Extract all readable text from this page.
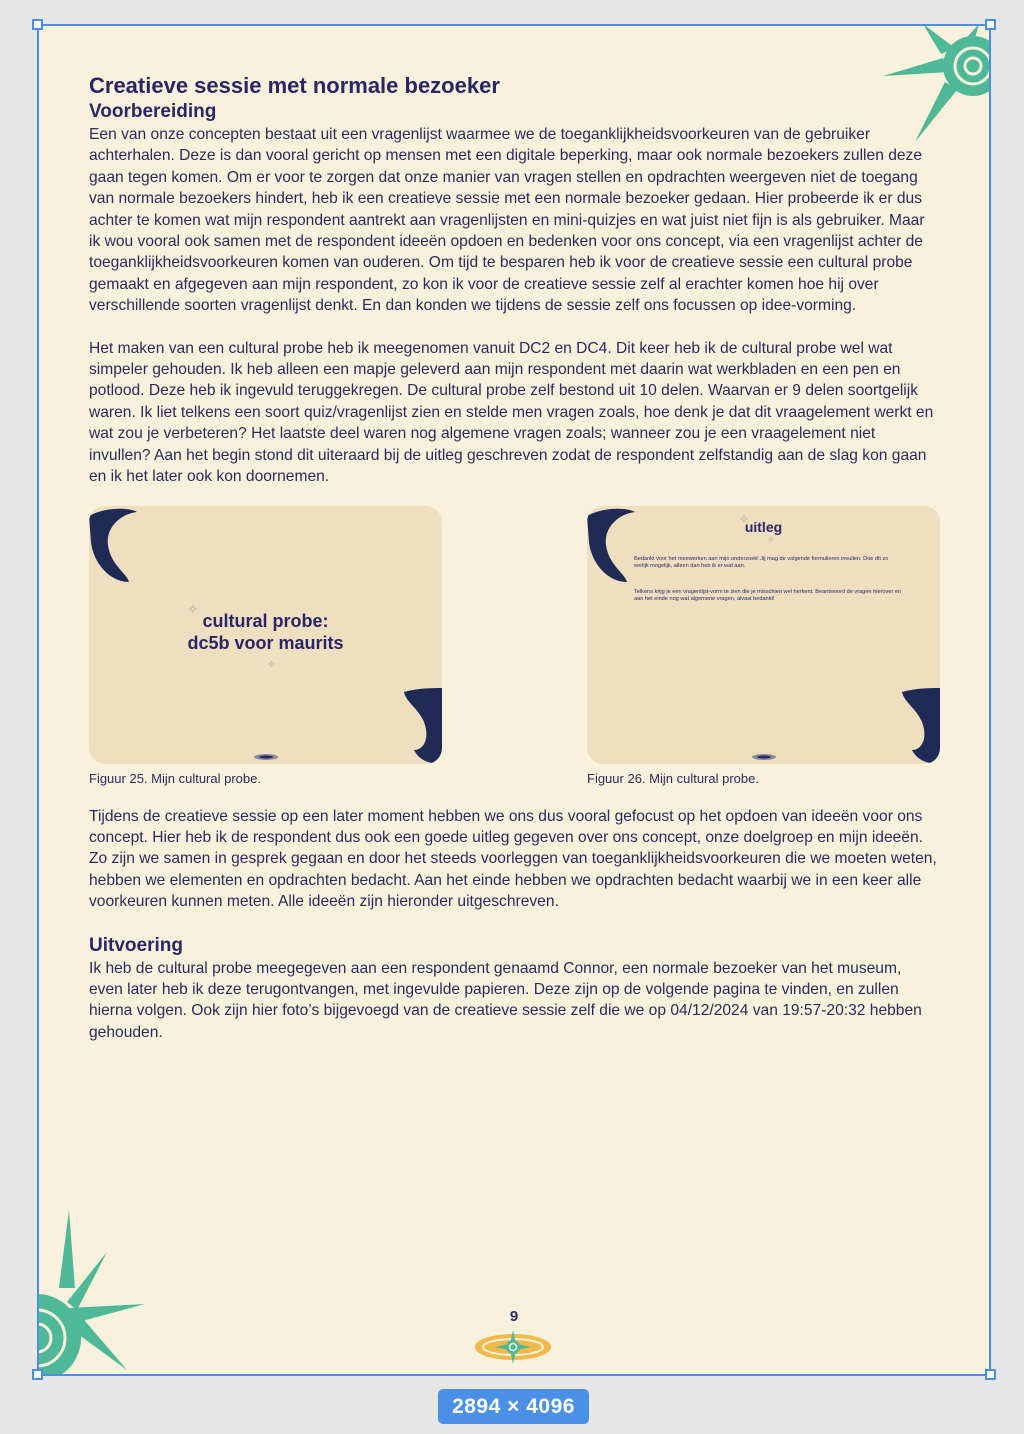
Creatieve sessie met normale bezoeker
Voorbereiding

Een van onze concepten bestaat uit een vragenlijst waarmee we de toeganklijkheidsvoorkeuren van de gebruiker achterhalen. Deze is dan vooral gericht op mensen met een digitale beperking, maar ook normale bezoekers zullen deze gaan tegen komen. Om er voor te zorgen dat onze manier van vragen stellen en opdrachten weergeven niet de toegang van normale bezoekers hindert, heb ik een creatieve sessie met een normale bezoeker gedaan. Hier probeerde ik er dus achter te komen wat mijn respondent aantrekt aan vragenlijsten en mini-quizjes en wat juist niet fijn is als gebruiker. Maar ik wou vooral ook samen met de respondent ideeën opdoen en bedenken voor ons concept, via een vragenlijst achter de toeganklijkheidsvoorkeuren komen van ouderen. Om tijd te besparen heb ik voor de creatieve sessie een cultural probe gemaakt en afgegeven aan mijn respondent, zo kon ik voor de creatieve sessie zelf al erachter komen hoe hij over verschillende soorten vragenlijst denkt. En dan konden we tijdens de sessie zelf ons focussen op idee-vorming.

Het maken van een cultural probe heb ik meegenomen vanuit DC2 en DC4. Dit keer heb ik de cultural probe wel wat simpeler gehouden. Ik heb alleen een mapje geleverd aan mijn respondent met daarin wat werkbladen en een pen en potlood. Deze heb ik ingevuld teruggekregen. De cultural probe zelf bestond uit 10 delen. Waarvan er 9 delen soortgelijk waren. Ik liet telkens een soort quiz/vragenlijst zien en stelde men vragen zoals, hoe denk je dat dit vraagelement werkt en wat zou je verbeteren? Het laatste deel waren nog algemene vragen zoals; wanneer zou je een vraagelement niet invullen? Aan het begin stond dit uiteraard bij de uitleg geschreven zodat de respondent zelfstandig aan de slag kon gaan en ik het later ook kon doornemen.

✧
✧
cultural probe:
dc5b voor maurits
Figuur 25. Mijn cultural probe.
✧
✧
uitleg
Bedankt voor het meewerken aan mijn onderzoek! Jij mag de volgende formulieren invullen. Doe dit zo eerlijk mogelijk, alleen dan heb ik er wat aan.
Telkens krijg je een vragenlijst-vorm te zien die je misschien wel herkent. Beantwoord de vragen hierover en aan het einde nog wat algemene vragen, alvast bedankt!
Figuur 26. Mijn cultural probe.

Tijdens de creatieve sessie op een later moment hebben we ons dus vooral gefocust op het opdoen van ideeën voor ons concept. Hier heb ik de respondent dus ook een goede uitleg gegeven over ons concept, onze doelgroep en mijn ideeën. Zo zijn we samen in gesprek gegaan en door het steeds voorleggen van toeganklijkheidsvoorkeuren die we moeten weten, hebben we elementen en opdrachten bedacht. Aan het einde hebben we opdrachten bedacht waarbij we in een keer alle voorkeuren kunnen meten. Alle ideeën zijn hieronder uitgeschreven.

Uitvoering

Ik heb de cultural probe meegegeven aan een respondent genaamd Connor, een normale bezoeker van het museum, even later heb ik deze terugontvangen, met ingevulde papieren. Deze zijn op de volgende pagina te vinden, en zullen hierna volgen. Ook zijn hier foto’s bijgevoegd van de creatieve sessie zelf die we op 04/12/2024 van 19:57-20:32 hebben gehouden.

9
2894 × 4096
